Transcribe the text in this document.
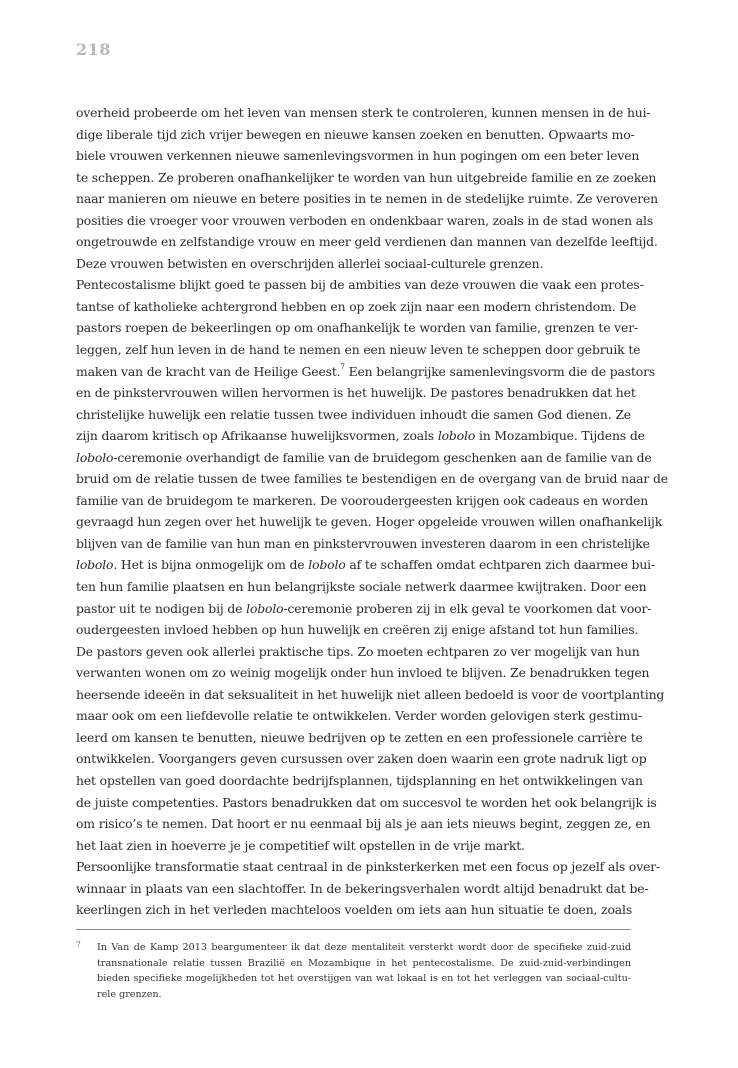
218
overheid probeerde om het leven van mensen sterk te controleren, kunnen mensen in de hui-
dige liberale tijd zich vrijer bewegen en nieuwe kansen zoeken en benutten. Opwaarts mo-
biele vrouwen verkennen nieuwe samenlevingsvormen in hun pogingen om een beter leven
te scheppen. Ze proberen onafhankelijker te worden van hun uitgebreide familie en ze zoeken
naar manieren om nieuwe en betere posities in te nemen in de stedelijke ruimte. Ze veroveren
posities die vroeger voor vrouwen verboden en ondenkbaar waren, zoals in de stad wonen als
ongetrouwde en zelfstandige vrouw en meer geld verdienen dan mannen van dezelfde leeftijd.
Deze vrouwen betwisten en overschrijden allerlei sociaal-culturele grenzen.
Pentecostalisme blijkt goed te passen bij de ambities van deze vrouwen die vaak een protes-
tantse of katholieke achtergrond hebben en op zoek zijn naar een modern christendom. De
pastors roepen de bekeerlingen op om onafhankelijk te worden van familie, grenzen te ver-
leggen, zelf hun leven in de hand te nemen en een nieuw leven te scheppen door gebruik te
maken van de kracht van de Heilige Geest.$^7$ Een belangrijke samenlevingsvorm die de pastors
en de pinkstervrouwen willen hervormen is het huwelijk. De pastores benadrukken dat het
christelijke huwelijk een relatie tussen twee individuen inhoudt die samen God dienen. Ze
zijn daarom kritisch op Afrikaanse huwelijksvormen, zoals lobolo in Mozambique. Tijdens de
lobolo-ceremonie overhandigt de familie van de bruidegom geschenken aan de familie van de
bruid om de relatie tussen de twee families te bestendigen en de overgang van de bruid naar de
familie van de bruidegom te markeren. De vooroudergeesten krijgen ook cadeaus en worden
gevraagd hun zegen over het huwelijk te geven. Hoger opgeleide vrouwen willen onafhankelijk
blijven van de familie van hun man en pinkstervrouwen investeren daarom in een christelijke
lobolo. Het is bijna onmogelijk om de lobolo af te schaffen omdat echtparen zich daarmee bui-
ten hun familie plaatsen en hun belangrijkste sociale netwerk daarmee kwijtraken. Door een
pastor uit te nodigen bij de lobolo-ceremonie proberen zij in elk geval te voorkomen dat voor-
oudergeesten invloed hebben op hun huwelijk en creëren zij enige afstand tot hun families.
De pastors geven ook allerlei praktische tips. Zo moeten echtparen zo ver mogelijk van hun
verwanten wonen om zo weinig mogelijk onder hun invloed te blijven. Ze benadrukken tegen
heersende ideeën in dat seksualiteit in het huwelijk niet alleen bedoeld is voor de voortplanting
maar ook om een liefdevolle relatie te ontwikkelen. Verder worden gelovigen sterk gestimu-
leerd om kansen te benutten, nieuwe bedrijven op te zetten en een professionele carrière te
ontwikkelen. Voorgangers geven cursussen over zaken doen waarin een grote nadruk ligt op
het opstellen van goed doordachte bedrijfsplannen, tijdsplanning en het ontwikkelingen van
de juiste competenties. Pastors benadrukken dat om succesvol te worden het ook belangrijk is
om risico’s te nemen. Dat hoort er nu eenmaal bij als je aan iets nieuws begint, zeggen ze, en
het laat zien in hoeverre je je competitief wilt opstellen in de vrije markt.
Persoonlijke transformatie staat centraal in de pinksterkerken met een focus op jezelf als over-
winnaar in plaats van een slachtoffer. In de bekeringsverhalen wordt altijd benadrukt dat be-
keerlingen zich in het verleden machteloos voelden om iets aan hun situatie te doen, zoals
7 In Van de Kamp 2013 beargumenteer ik dat deze mentaliteit versterkt wordt door de specifieke zuid-zuid
transnationale relatie tussen Brazilië en Mozambique in het pentecostalisme. De zuid-zuid-verbindingen
bieden specifieke mogelijkheden tot het overstijgen van wat lokaal is en tot het verleggen van sociaal-cultu-
rele grenzen.
